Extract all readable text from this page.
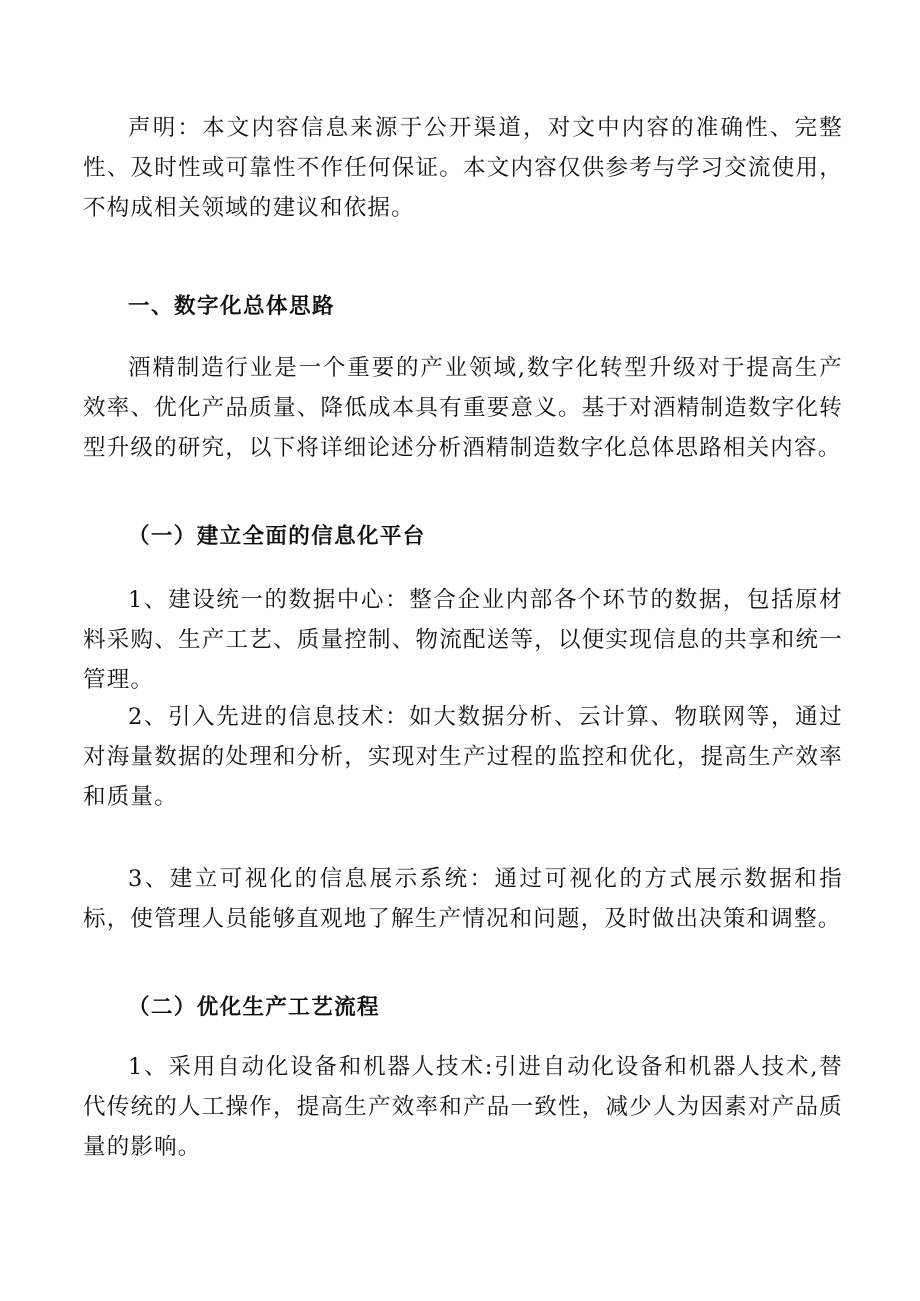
声明：本文内容信息来源于公开渠道，对文中内容的准确性、完整性、及时性或可靠性不作任何保证。本文内容仅供参考与学习交流使用，不构成相关领域的建议和依据。

一、数字化总体思路

酒精制造行业是一个重要的产业领域,数字化转型升级对于提高生产效率、优化产品质量、降低成本具有重要意义。基于对酒精制造数字化转型升级的研究，以下将详细论述分析酒精制造数字化总体思路相关内容。

（一）建立全面的信息化平台

1、建设统一的数据中心：整合企业内部各个环节的数据，包括原材料采购、生产工艺、质量控制、物流配送等，以便实现信息的共享和统一管理。

2、引入先进的信息技术：如大数据分析、云计算、物联网等，通过对海量数据的处理和分析，实现对生产过程的监控和优化，提高生产效率和质量。

3、建立可视化的信息展示系统：通过可视化的方式展示数据和指标，使管理人员能够直观地了解生产情况和问题，及时做出决策和调整。

（二）优化生产工艺流程

1、采用自动化设备和机器人技术:引进自动化设备和机器人技术,替代传统的人工操作，提高生产效率和产品一致性，减少人为因素对产品质量的影响。
